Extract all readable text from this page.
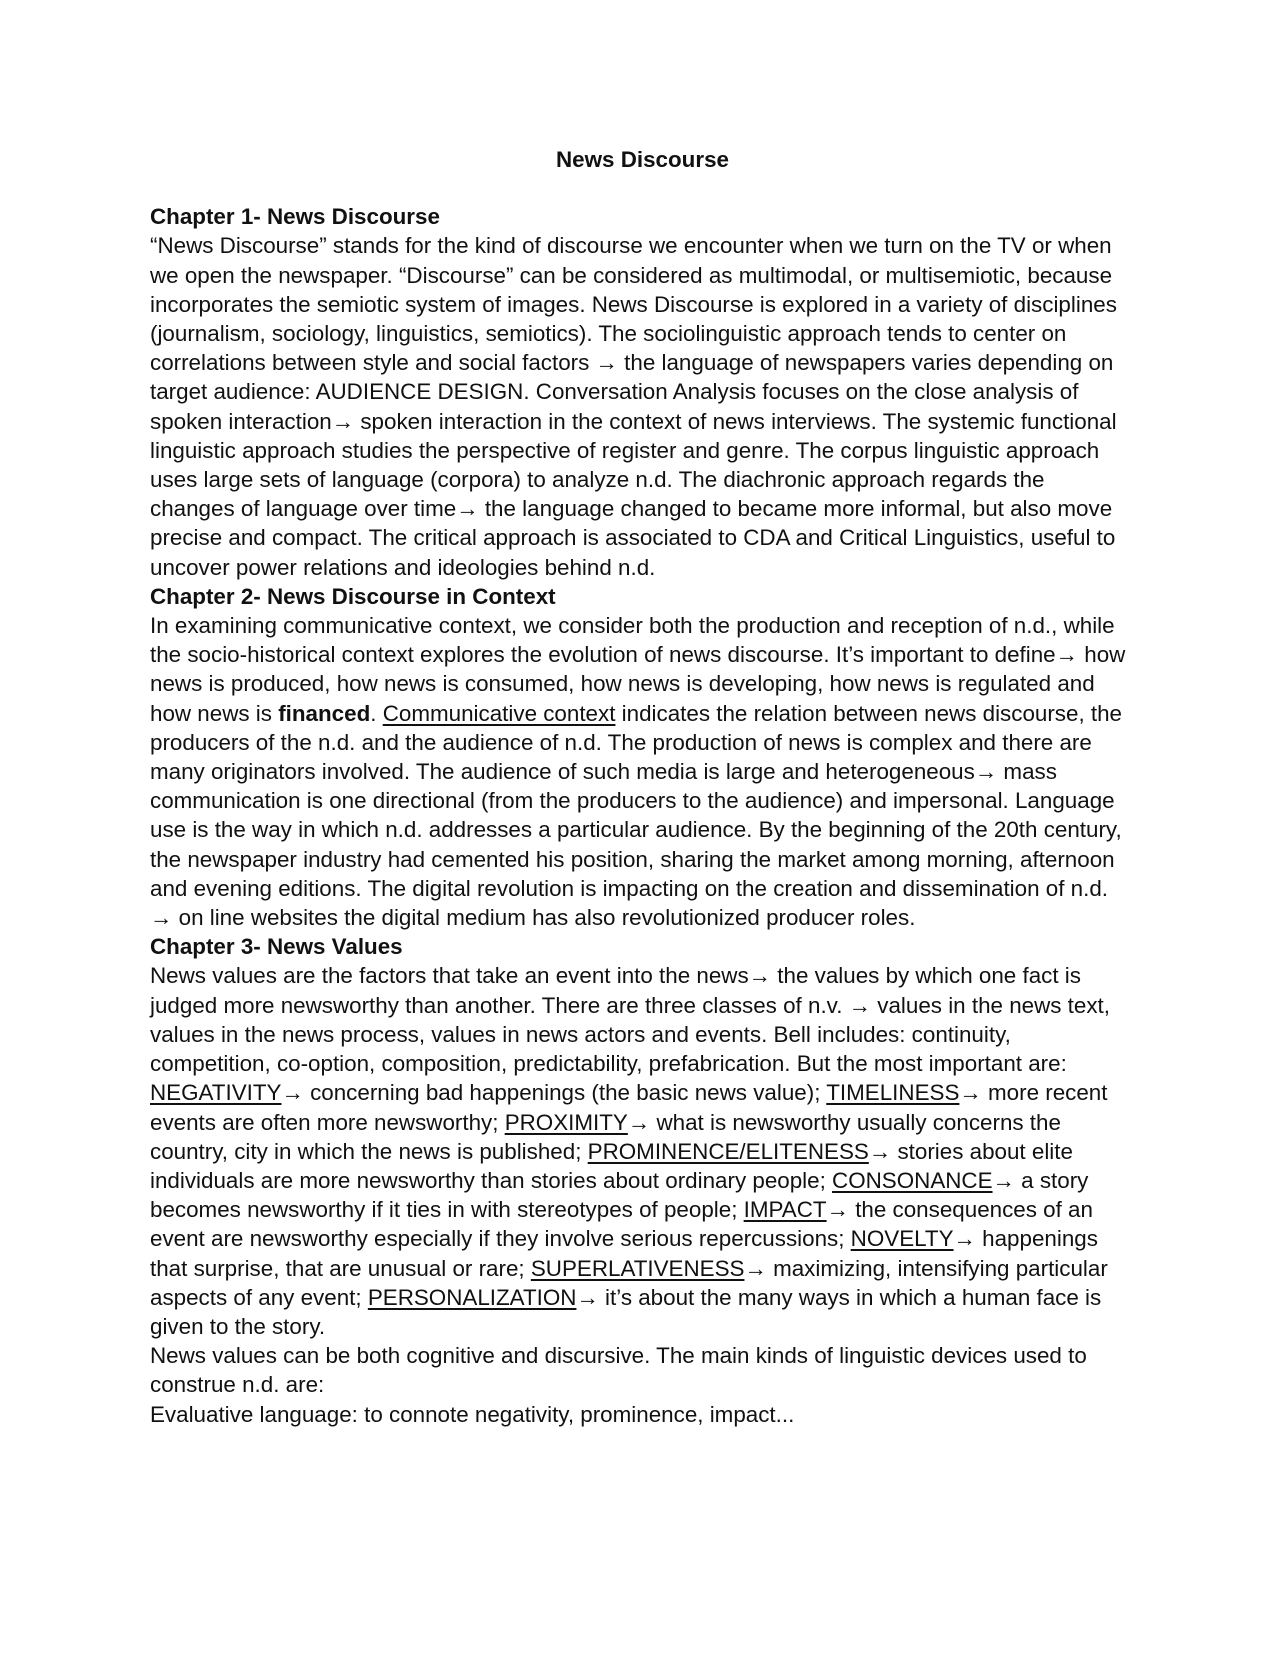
News Discourse
Chapter 1- News Discourse

“News Discourse” stands for the kind of discourse we encounter when we turn on the TV or when we open the newspaper. “Discourse” can be considered as multimodal, or multisemiotic, because incorporates the semiotic system of images. News Discourse is explored in a variety of disciplines (journalism, sociology, linguistics, semiotics). The sociolinguistic approach tends to center on correlations between style and social factors → the language of newspapers varies depending on target audience: AUDIENCE DESIGN. Conversation Analysis focuses on the close analysis of spoken interaction→ spoken interaction in the context of news interviews. The systemic functional linguistic approach studies the perspective of register and genre. The corpus linguistic approach uses large sets of language (corpora) to analyze n.d. The diachronic approach regards the changes of language over time→ the language changed to became more informal, but also move precise and compact. The critical approach is associated to CDA and Critical Linguistics, useful to uncover power relations and ideologies behind n.d.

Chapter 2- News Discourse in Context

In examining communicative context, we consider both the production and reception of n.d., while the socio-historical context explores the evolution of news discourse. It’s important to define→ how news is produced, how news is consumed, how news is developing, how news is regulated and how news is financed. Communicative context indicates the relation between news discourse, the producers of the n.d. and the audience of n.d. The production of news is complex and there are many originators involved. The audience of such media is large and heterogeneous→ mass communication is one directional (from the producers to the audience) and impersonal. Language use is the way in which n.d. addresses a particular audience. By the beginning of the 20th century, the newspaper industry had cemented his position, sharing the market among morning, afternoon and evening editions. The digital revolution is impacting on the creation and dissemination of n.d. → on line websites the digital medium has also revolutionized producer roles.

Chapter 3- News Values

News values are the factors that take an event into the news→ the values by which one fact is judged more newsworthy than another. There are three classes of n.v. → values in the news text, values in the news process, values in news actors and events. Bell includes: continuity, competition, co-option, composition, predictability, prefabrication. But the most important are: NEGATIVITY→ concerning bad happenings (the basic news value); TIMELINESS→ more recent events are often more newsworthy; PROXIMITY→ what is newsworthy usually concerns the country, city in which the news is published; PROMINENCE/ELITENESS→ stories about elite individuals are more newsworthy than stories about ordinary people; CONSONANCE→ a story becomes newsworthy if it ties in with stereotypes of people; IMPACT→ the consequences of an event are newsworthy especially if they involve serious repercussions; NOVELTY→ happenings that surprise, that are unusual or rare; SUPERLATIVENESS→ maximizing, intensifying particular aspects of any event; PERSONALIZATION→ it’s about the many ways in which a human face is given to the story.

News values can be both cognitive and discursive. The main kinds of linguistic devices used to construe n.d. are:

Evaluative language: to connote negativity, prominence, impact...
